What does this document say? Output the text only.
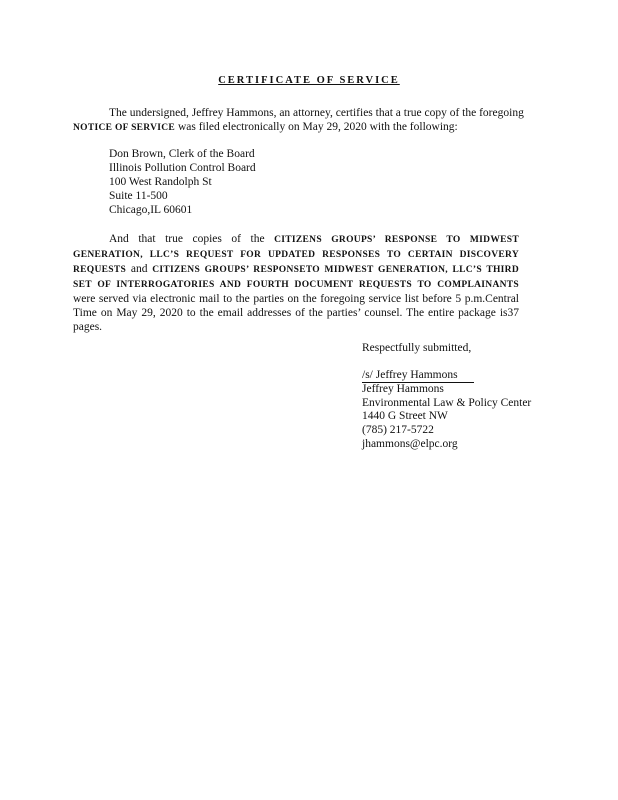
CERTIFICATE OF SERVICE
The undersigned, Jeffrey Hammons, an attorney, certifies that a true copy of the foregoing NOTICE OF SERVICE was filed electronically on May 29, 2020 with the following:
Don Brown, Clerk of the Board
Illinois Pollution Control Board
100 West Randolph St
Suite 11-500
Chicago,IL 60601
And that true copies of the CITIZENS GROUPS’ RESPONSE TO MIDWEST GENERATION, LLC’S REQUEST FOR UPDATED RESPONSES TO CERTAIN DISCOVERY REQUESTS and CITIZENS GROUPS’ RESPONSETO MIDWEST GENERATION, LLC’S THIRD SET OF INTERROGATORIES AND FOURTH DOCUMENT REQUESTS TO COMPLAINANTS were served via electronic mail to the parties on the foregoing service list before 5 p.m.Central Time on May 29, 2020 to the email addresses of the parties’ counsel. The entire package is37 pages.
Respectfully submitted,
/s/ Jeffrey Hammons
Jeffrey Hammons
Environmental Law & Policy Center
1440 G Street NW
(785) 217-5722
jhammons@elpc.org
